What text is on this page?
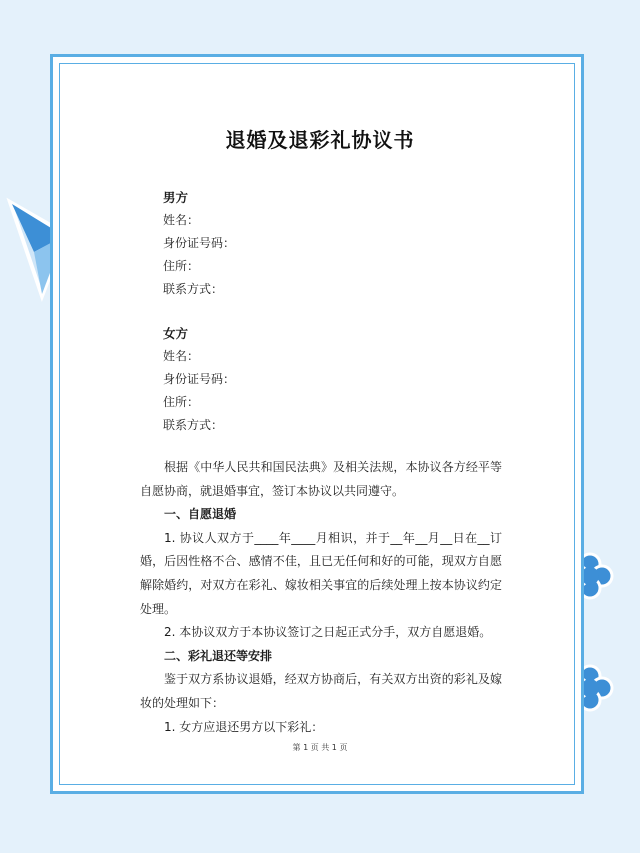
退婚及退彩礼协议书
男方
姓名：
身份证号码：
住所：
联系方式：
女方
姓名：
身份证号码：
住所：
联系方式：

根据《中华人民共和国民法典》及相关法规，本协议各方经平等自愿协商，就退婚事宜，签订本协议以共同遵守。

一、自愿退婚

1. 协议人双方于____年____月相识，并于__年__月__日在__订婚，后因性格不合、感情不佳，且已无任何和好的可能，现双方自愿解除婚约，对双方在彩礼、嫁妆相关事宜的后续处理上按本协议约定处理。

2. 本协议双方于本协议签订之日起正式分手，双方自愿退婚。

二、彩礼退还等安排

鉴于双方系协议退婚，经双方协商后，有关双方出资的彩礼及嫁妆的处理如下：

1. 女方应退还男方以下彩礼：

第 1 页 共 1 页
